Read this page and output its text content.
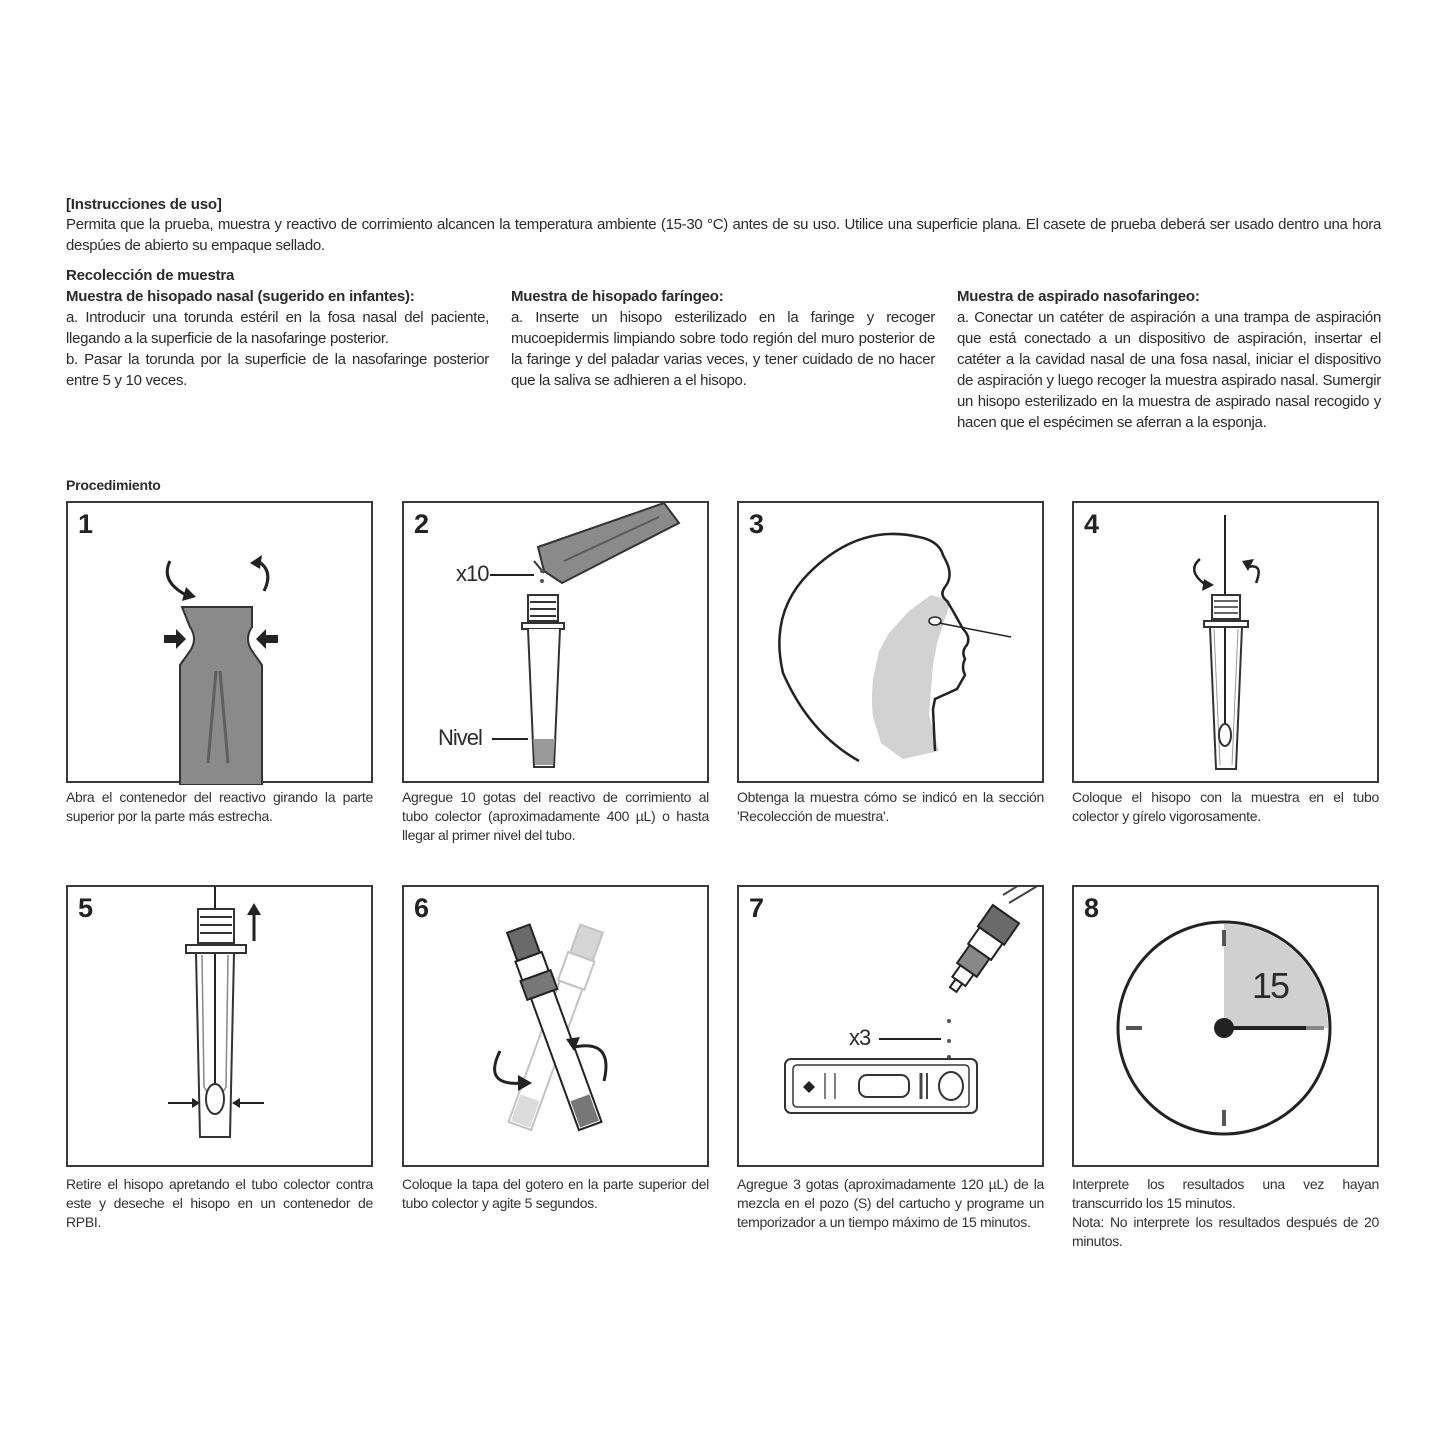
[Instrucciones de uso]
Permita que la prueba, muestra y reactivo de corrimiento alcancen la temperatura ambiente (15-30 °C) antes de su uso. Utilice una superficie plana. El casete de prueba deberá ser usado dentro una hora despúes de abierto su empaque sellado.
Recolección de muestra
Muestra de hisopado nasal (sugerido en infantes):
a. Introducir una torunda estéril en la fosa nasal del paciente, llegando a la superficie de la nasofaringe posterior.
b. Pasar la torunda por la superficie de la nasofaringe posterior entre 5 y 10 veces.
Muestra de hisopado faríngeo:
a. Inserte un hisopo esterilizado en la faringe y recoger mucoepidermis limpiando sobre todo región del muro posterior de la faringe y del paladar varias veces, y tener cuidado de no hacer que la saliva se adhieren a el hisopo.
Muestra de aspirado nasofaringeo:
a. Conectar un catéter de aspiración a una trampa de aspiración que está conectado a un dispositivo de aspiración, insertar el catéter a la cavidad nasal de una fosa nasal, iniciar el dispositivo de aspiración y luego recoger la muestra aspirado nasal. Sumergir un hisopo esterilizado en la muestra de aspirado nasal recogido y hacen que el espécimen se aferran a la esponja.
Procedimiento
1
Abra el contenedor del reactivo girando la parte superior por la parte más estrecha.
2
x10
Nivel
Agregue 10 gotas del reactivo de corrimiento al tubo colector (aproximadamente 400 µL) o hasta llegar al primer nivel del tubo.
3
Obtenga la muestra cómo se indicó en la sección 'Recolección de muestra'.
4
Coloque el hisopo con la muestra en el tubo colector y gírelo vigorosamente.
5
Retire el hisopo apretando el tubo colector contra este y deseche el hisopo en un contenedor de RPBI.
6
Coloque la tapa del gotero en la parte superior del tubo colector y agite 5 segundos.
7
x3
Agregue 3 gotas (aproximadamente 120 µL) de la mezcla en el pozo (S) del cartucho y programe un temporizador a un tiempo máximo de 15 minutos.
8
15
Interprete los resultados una vez hayan transcurrido los 15 minutos.
Nota: No interprete los resultados después de 20 minutos.
